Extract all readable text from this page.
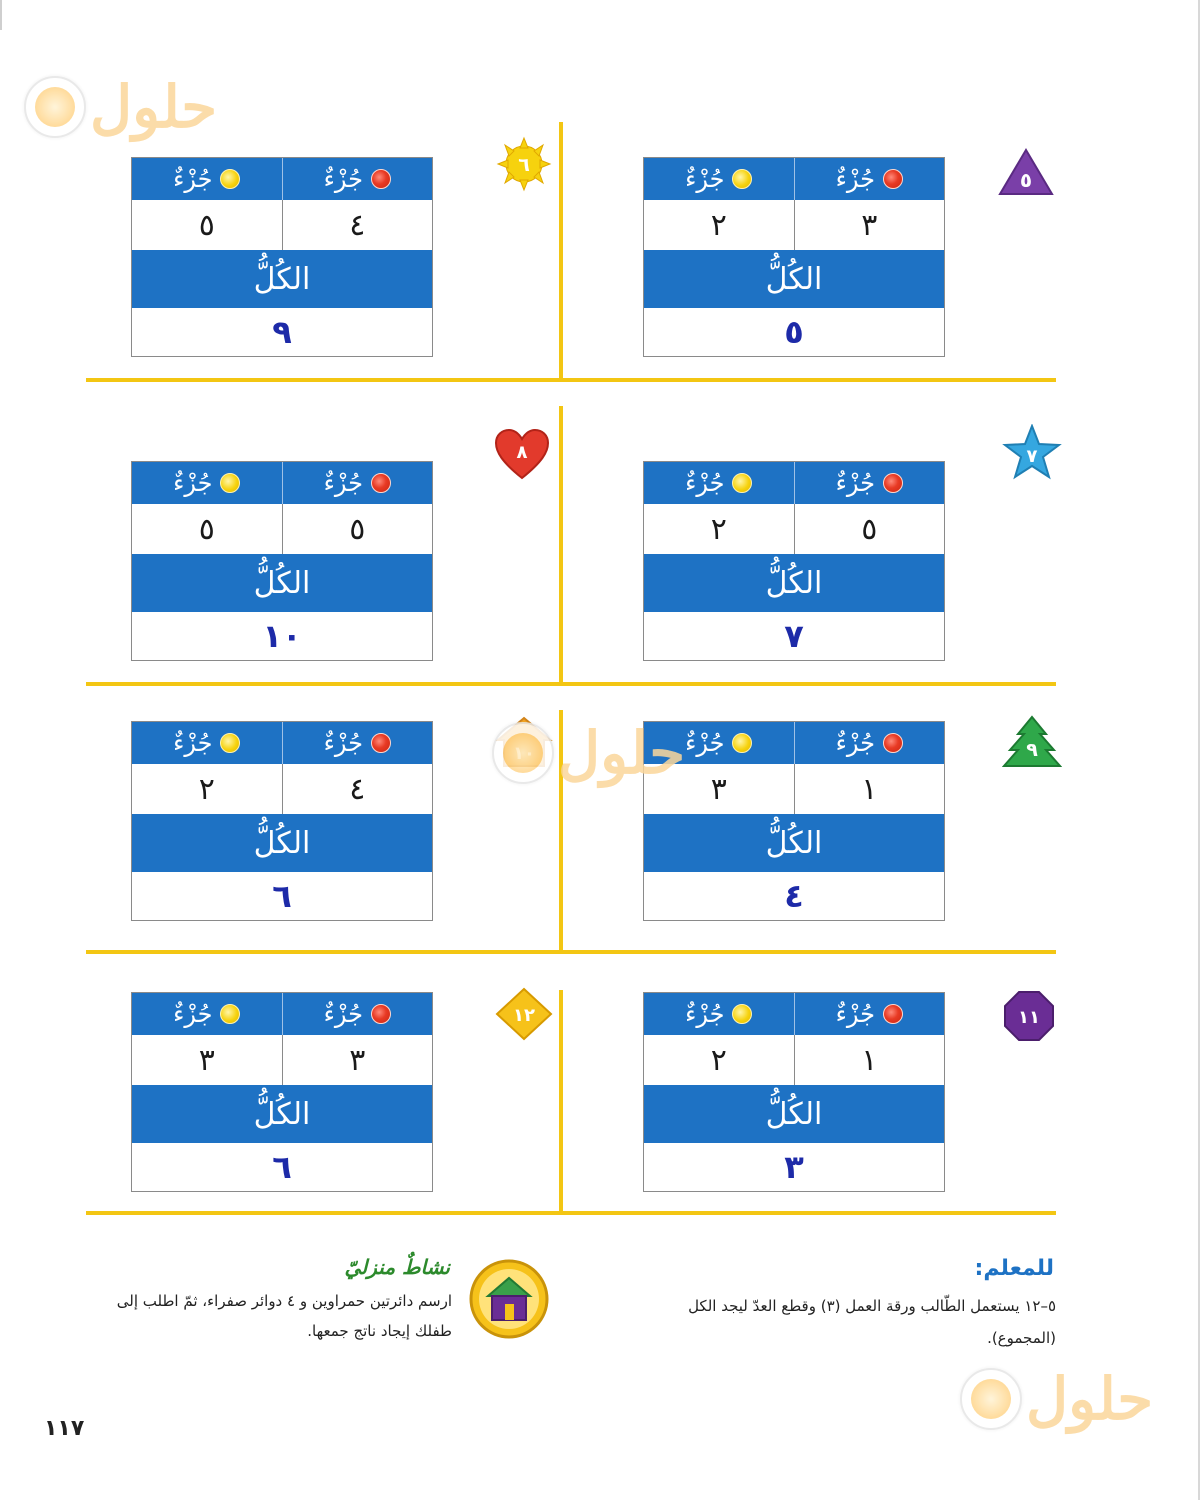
٥
جُزْءٌ	جُزْءٌ
٢	٣
الكُلُّ
٥
٦
جُزْءٌ	جُزْءٌ
٥	٤
الكُلُّ
٩
٧
جُزْءٌ	جُزْءٌ
٢	٥
الكُلُّ
٧
٨
جُزْءٌ	جُزْءٌ
٥	٥
الكُلُّ
١٠
٩
جُزْءٌ	جُزْءٌ
٣	١
الكُلُّ
٤
جُزْءٌ	جُزْءٌ
٢	٤
الكُلُّ
٦
١١
جُزْءٌ	جُزْءٌ
٢	١
الكُلُّ
٣
١٢
جُزْءٌ	جُزْءٌ
٣	٣
الكُلُّ
٦
حلول
حلول
حلول
للمعلم:
٥–١٢ يستعمل الطّالب ورقة العمل (٣) وقطع العدّ ليجد الكل (المجموع).
نشاطٌ منزليّ
ارسم دائرتين حمراوين و ٤ دوائر صفراء، ثمّ اطلب إلى طفلك إيجاد ناتج جمعها.
١١٧
